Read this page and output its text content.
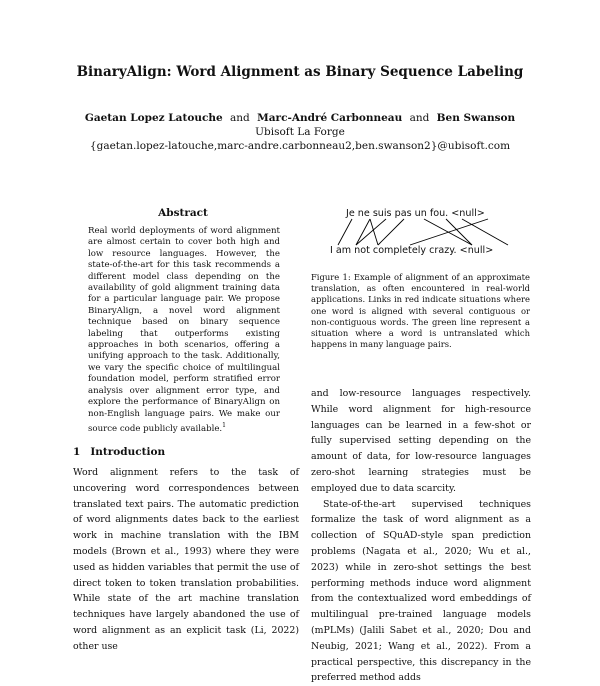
BinaryAlign: Word Alignment as Binary Sequence Labeling
Gaetan Lopez Latouche and Marc-André Carbonneau and Ben Swanson
Ubisoft La Forge
{gaetan.lopez-latouche,marc-andre.carbonneau2,ben.swanson2}@ubisoft.com
Abstract
Real world deployments of word alignment are almost certain to cover both high and low resource languages. However, the state-of-the-art for this task recommends a different model class depending on the availability of gold alignment training data for a particular language pair. We propose BinaryAlign, a novel word alignment technique based on binary sequence labeling that outperforms existing approaches in both scenarios, offering a unifying approach to the task. Additionally, we vary the specific choice of multilingual foundation model, perform stratified error analysis over alignment error type, and explore the performance of BinaryAlign on non-English language pairs. We make our source code publicly available.$^1$
1 Introduction

Word alignment refers to the task of uncovering word correspondences between translated text pairs. The automatic prediction of word alignments dates back to the earliest work in machine translation with the IBM models (Brown et al., 1993) where they were used as hidden variables that permit the use of direct token to token translation probabilities. While state of the art machine translation techniques have largely abandoned the use of word alignment as an explicit task (Li, 2022) other use

Je ne suis pas un fou. <null>
I am not completely crazy. <null>
Figure 1: Example of alignment of an approximate translation, as often encountered in real-world applications. Links in red indicate situations where one word is aligned with several contiguous or non-contiguous words. The green line represent a situation where a word is untranslated which happens in many language pairs.

and low-resource languages respectively. While word alignment for high-resource languages can be learned in a few-shot or fully supervised setting depending on the amount of data, for low-resource languages zero-shot learning strategies must be employed due to data scarcity.

State-of-the-art supervised techniques formalize the task of word alignment as a collection of SQuAD-style span prediction problems (Nagata et al., 2020; Wu et al., 2023) while in zero-shot settings the best performing methods induce word alignment from the contextualized word embeddings of multilingual pre-trained language models (mPLMs) (Jalili Sabet et al., 2020; Dou and Neubig, 2021; Wang et al., 2022). From a practical perspective, this discrepancy in the preferred method adds
